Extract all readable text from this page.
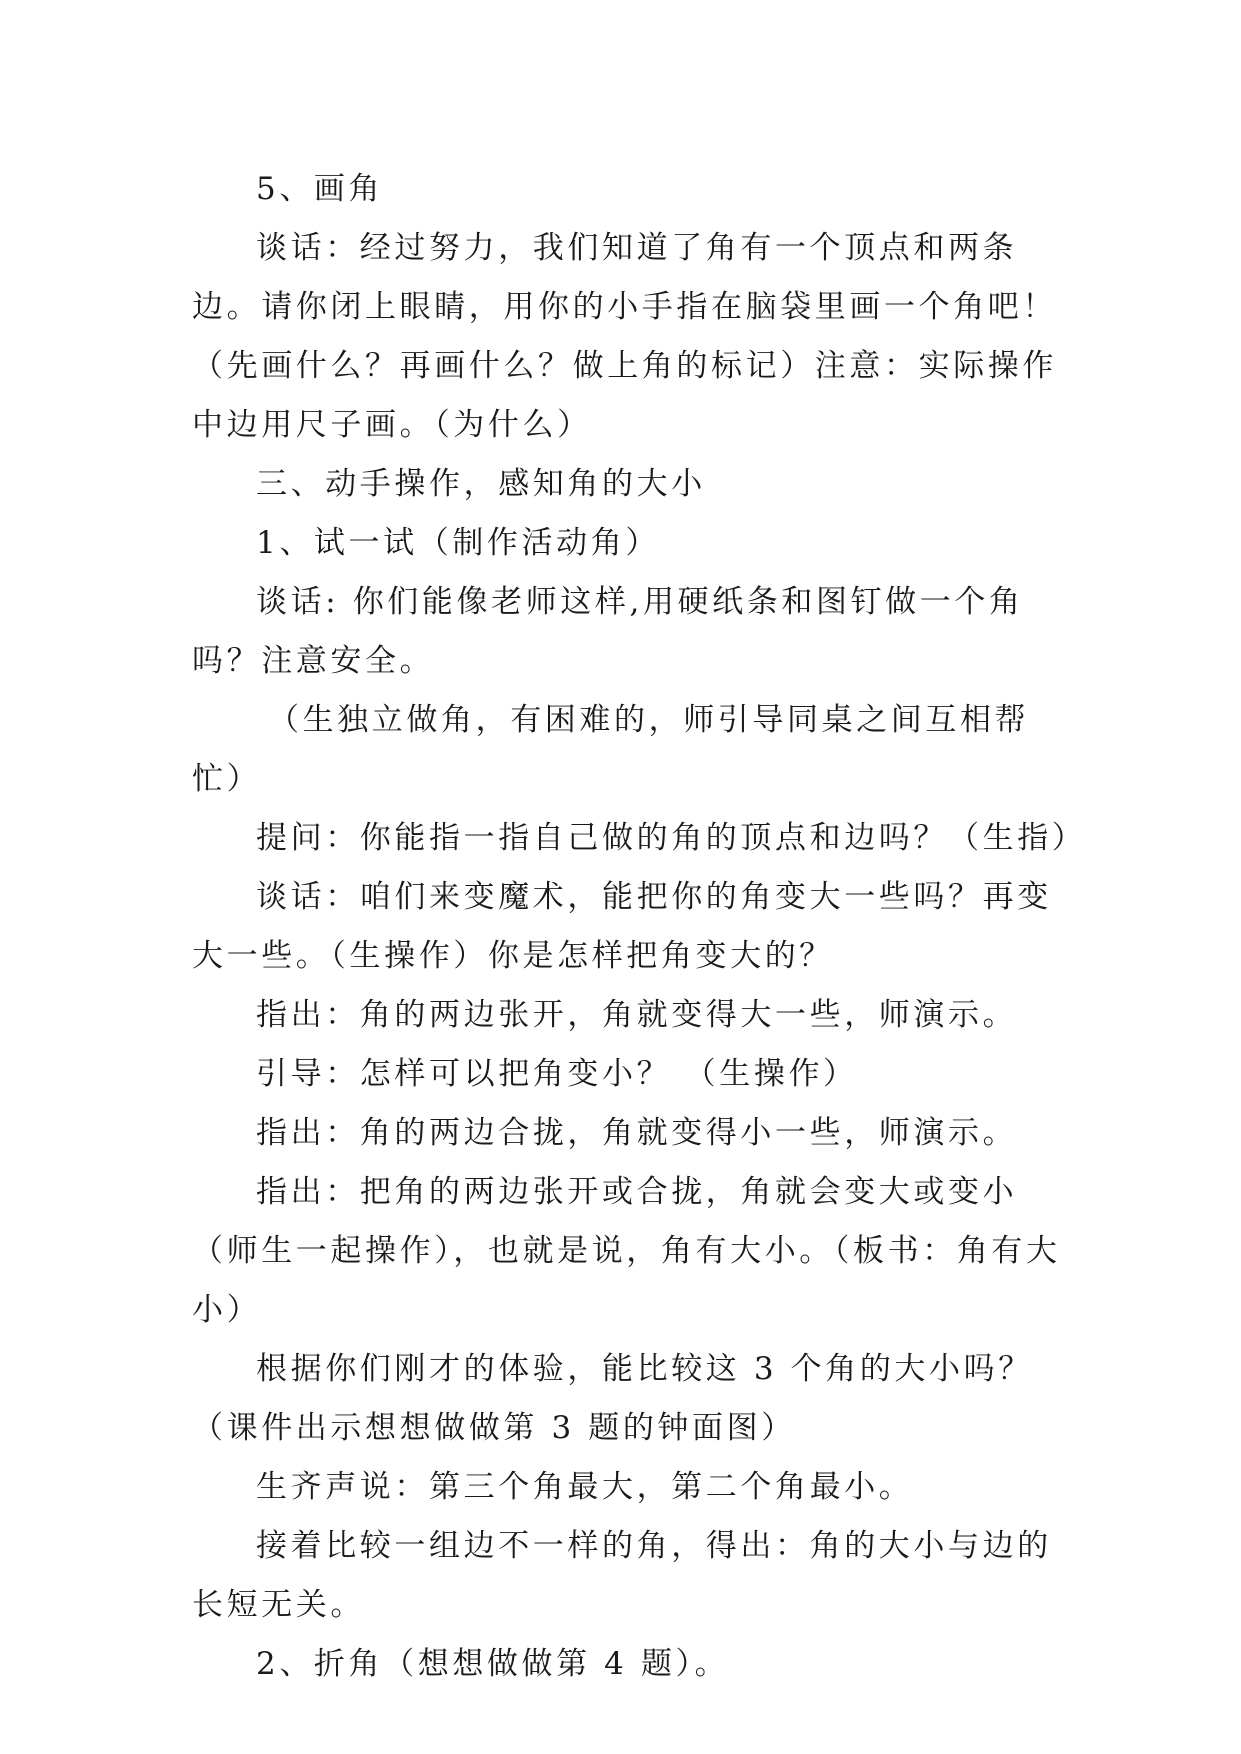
5、画角

谈话：经过努力，我们知道了角有一个顶点和两条边。请你闭上眼睛，用你的小手指在脑袋里画一个角吧！（先画什么？再画什么？做上角的标记）注意：实际操作中边用尺子画。（为什么）

三、动手操作，感知角的大小

1、试一试（制作活动角）

谈话: 你们能像老师这样,用硬纸条和图钉做一个角吗？注意安全。

（生独立做角，有困难的，师引导同桌之间互相帮忙）

提问：你能指一指自己做的角的顶点和边吗？（生指）

谈话：咱们来变魔术，能把你的角变大一些吗？再变大一些。（生操作）你是怎样把角变大的？

指出：角的两边张开，角就变得大一些，师演示。

引导：怎样可以把角变小？ （生操作）

指出：角的两边合拢，角就变得小一些，师演示。

指出：把角的两边张开或合拢，角就会变大或变小（师生一起操作），也就是说，角有大小。（板书：角有大小）

根据你们刚才的体验，能比较这 3 个角的大小吗？（课件出示想想做做第 3 题的钟面图）

生齐声说：第三个角最大，第二个角最小。

接着比较一组边不一样的角，得出：角的大小与边的长短无关。

2、折角（想想做做第 4 题）。
